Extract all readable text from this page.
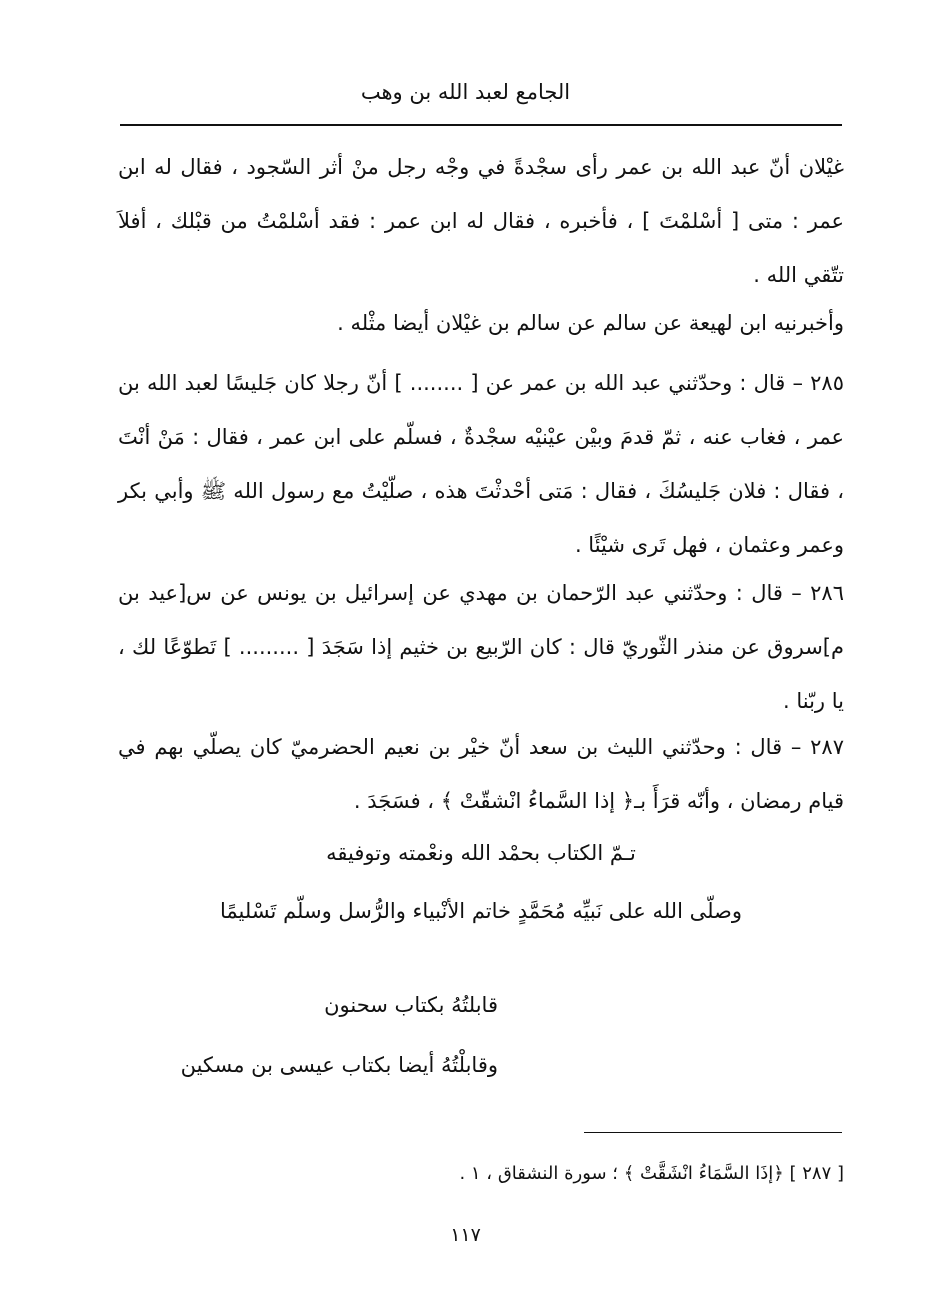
الجامع لعبد الله بن وهب
غيْلان أنّ عبد الله بن عمر رأى سجْدةً في وجْه رجل منْ أثر السّجود ، فقال له ابن عمر : متى [ أسْلمْتَ ] ، فأخبره ، فقال له ابن عمر : فقد أسْلمْتُ من قبْلك ، أفلاَ تتّقي الله .
وأخبرنيه ابن لهيعة عن سالم عن سالم بن غيْلان أيضا مثْله .
٢٨٥ – قال : وحدّثني عبد الله بن عمر عن [ ........ ] أنّ رجلا كان جَليسًا لعبد الله بن عمر ، فغاب عنه ، ثمّ قدمَ وبيْن عيْنيْه سجْدةٌ ، فسلّم على ابن عمر ، فقال : مَنْ أنْتَ ، فقال : فلان جَليسُكَ ، فقال : مَتى أحْدثْتَ هذه ، صلّيْتُ مع رسول الله ﷺ وأبي بكر وعمر وعثمان ، فهل تَرى شيْئًا .
٢٨٦ – قال : وحدّثني عبد الرّحمان بن مهدي عن إسرائيل بن يونس عن س[عيد بن م]سروق عن منذر الثّوريّ قال : كان الرّبيع بن خثيم إذا سَجَدَ [ ......... ] تَطوّعًا لك ، يا ربّنا .
٢٨٧ – قال : وحدّثني الليث بن سعد أنّ خيْر بن نعيم الحضرميّ كان يصلّي بهم في قيام رمضان ، وأنّه قرَأَ بـ﴿ إذا السَّماءُ انْشقّتْ ﴾ ، فسَجَدَ .
تـمّ الكتاب بحمْد الله ونعْمته وتوفيقه
وصلّى الله على نَبيِّه مُحَمَّدٍ خاتم الأنْبياء والرُّسل وسلّم تَسْليمًا
قابلتُهُ بكتاب سحنون
وقابلْتُهُ أيضا بكتاب عيسى بن مسكين
[ ٢٨٧ ] ﴿إذَا السَّمَاءُ انْشَقَّتْ ﴾ ؛ سورة النشقاق ، ١ .
١١٧
